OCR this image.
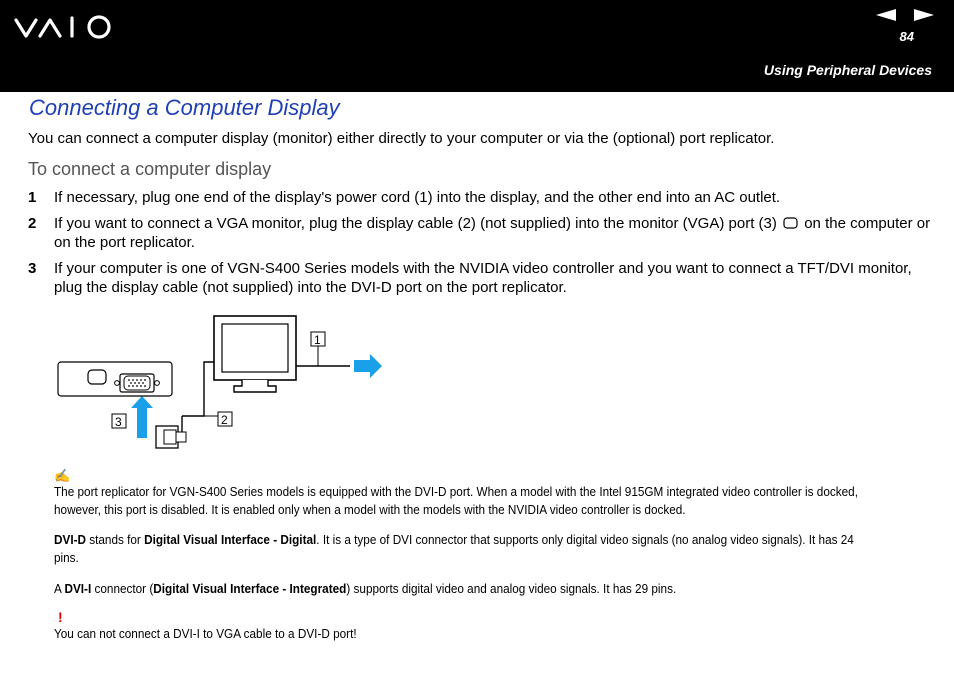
84
Using Peripheral Devices
Connecting a Computer Display

You can connect a computer display (monitor) either directly to your computer or via the (optional) port replicator.

To connect a computer display
1 If necessary, plug one end of the display's power cord (1) into the display, and the other end into an AC outlet.
2 If you want to connect a VGA monitor, plug the display cable (2) (not supplied) into the monitor (VGA) port (3) on the computer or on the port replicator.
3 If your computer is one of VGN-S400 Series models with the NVIDIA video controller and you want to connect a TFT/DVI monitor, plug the display cable (not supplied) into the DVI-D port on the port replicator.
1
2
3
✍
The port replicator for VGN-S400 Series models is equipped with the DVI-D port. When a model with the Intel 915GM integrated video controller is docked, however, this port is disabled. It is enabled only when a model with the models with the NVIDIA video controller is docked.
DVI-D stands for Digital Visual Interface - Digital. It is a type of DVI connector that supports only digital video signals (no analog video signals). It has 24 pins.
A DVI-I connector (Digital Visual Interface - Integrated) supports digital video and analog video signals. It has 29 pins.
!
You can not connect a DVI-I to VGA cable to a DVI-D port!
